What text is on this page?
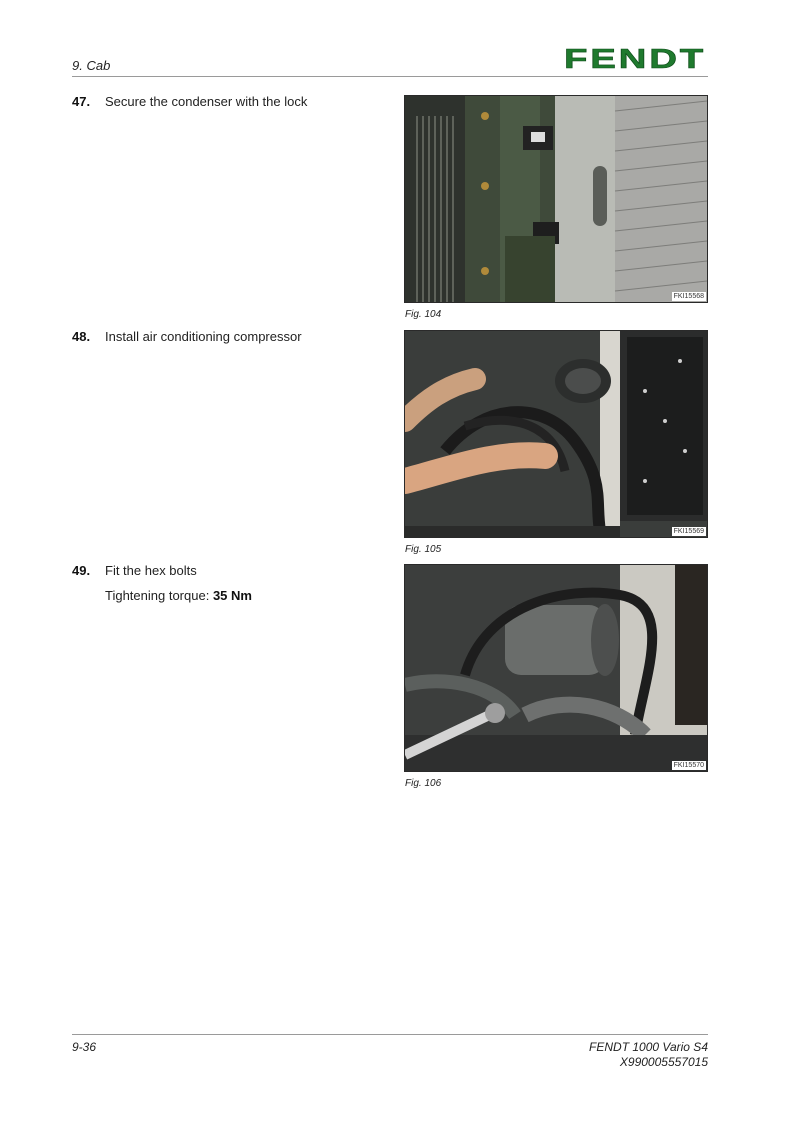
9. Cab	FENDT
47. Secure the condenser with the lock
FKI15568
Fig. 104
48. Install air conditioning compressor
FKI15569
Fig. 105
49. Fit the hex bolts
Tightening torque: 35 Nm
FKI15570
Fig. 106
9-36	FENDT 1000 Vario S4
X990005557015
